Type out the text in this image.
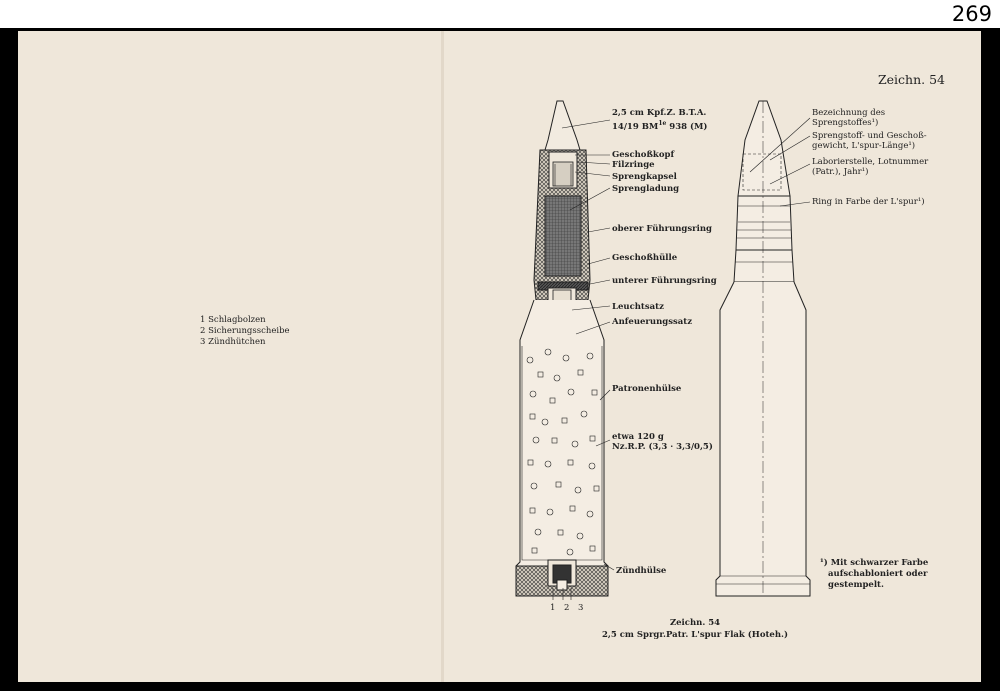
269
1 Schlagbolzen
2 Sicherungsscheibe
3 Zündhütchen
Zeichn. 54
2,5 cm Kpf.Z. B.T.A.
14/19 $BM^{1e}$ 938 (M)
Geschoßkopf
Filzringe
Sprengkapsel
Sprengladung
oberer Führungsring
Geschoßhülle
unterer Führungsring
Leuchtsatz
Anfeuerungssatz
Patronenhülse
etwa 120 g
Nz.R.P. (3,3 · 3,3/0,5)
Zündhülse
1 2 3
Bezeichnung des
Sprengstoffes¹)
Sprengstoff- und Geschoß-
gewicht, L'spur-Länge¹)
Laborierstelle, Lotnummer
(Patr.), Jahr¹)
Ring in Farbe der L'spur¹)
¹) Mit schwarzer Farbe
aufschabloniert oder
gestempelt.
Zeichn. 54
2,5 cm Sprgr.Patr. L'spur Flak (Hoteh.)
